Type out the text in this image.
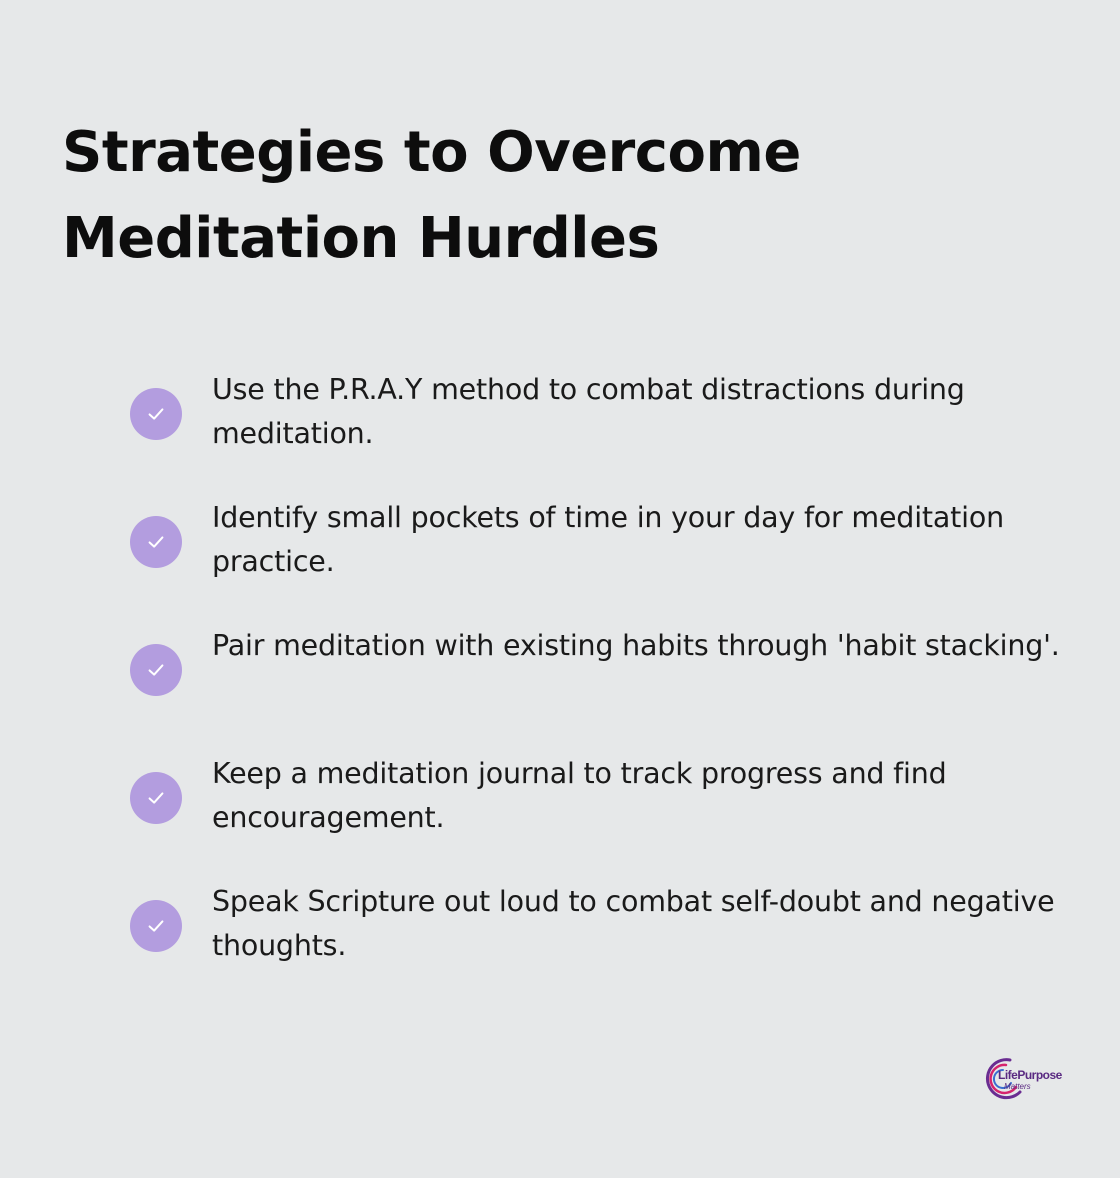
Strategies to Overcome Meditation Hurdles
Use the P.R.A.Y method to combat distractions during meditation.
Identify small pockets of time in your day for meditation practice.
Pair meditation with existing habits through 'habit stacking'.
Keep a meditation journal to track progress and find encouragement.
Speak Scripture out loud to combat self-doubt and negative thoughts.
LifePurpose
Matters
